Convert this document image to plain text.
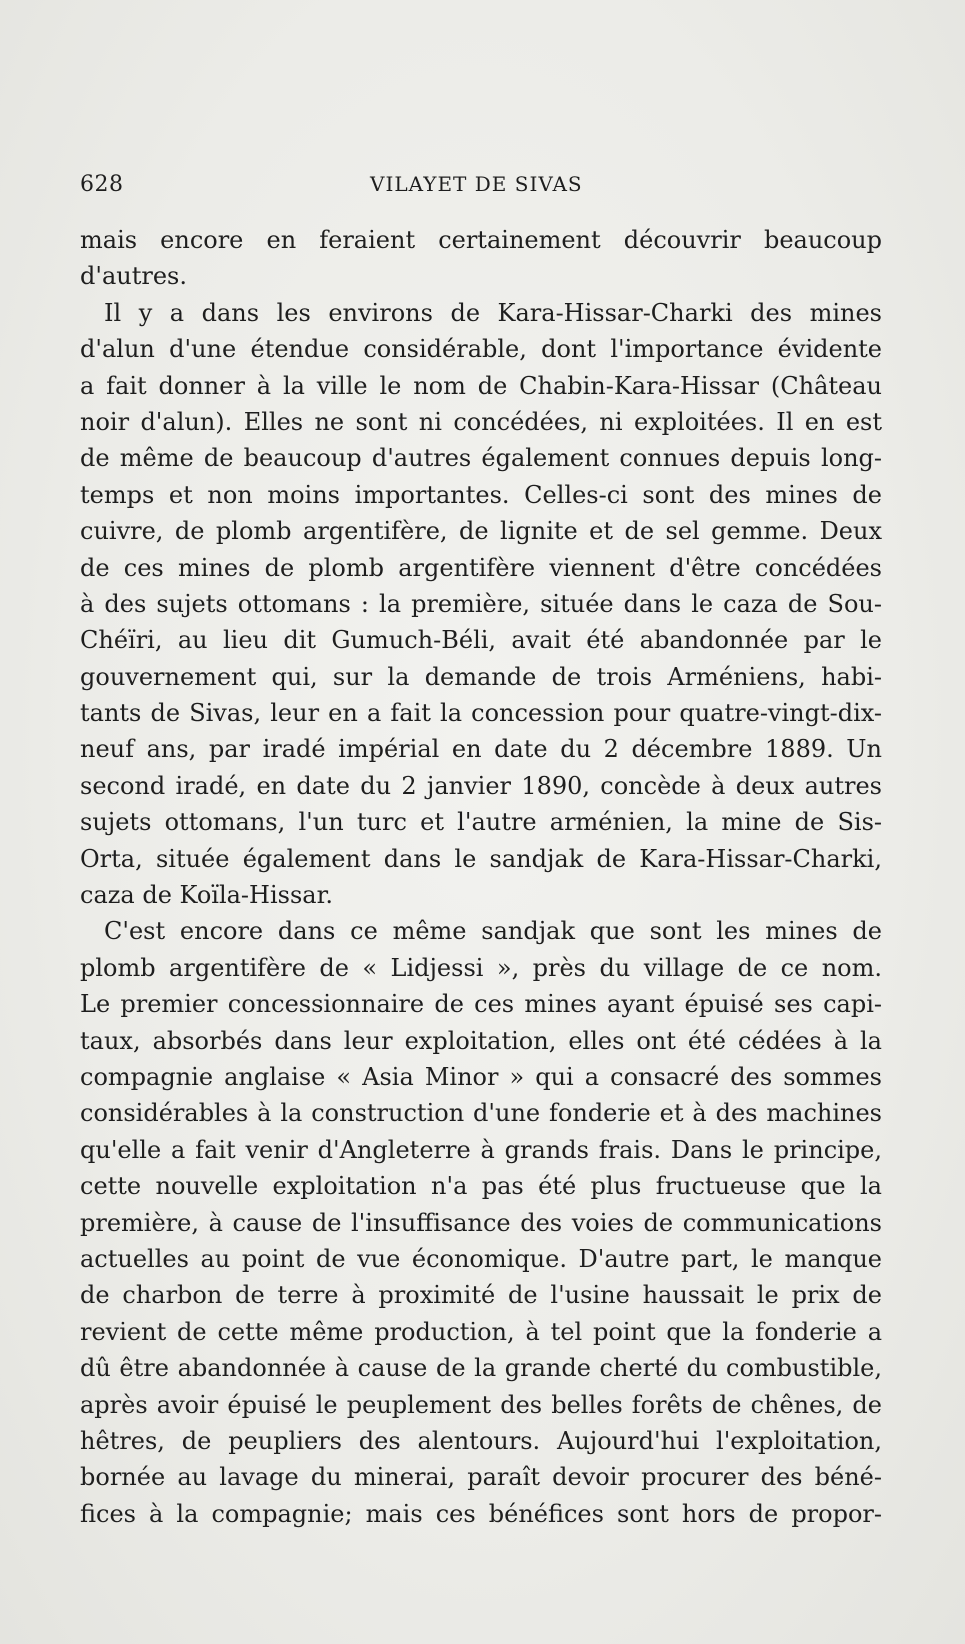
628	VILAYET DE SIVAS
mais encore en feraient certainement découvrir beaucoup
d'autres.
Il y a dans les environs de Kara-Hissar-Charki des mines
d'alun d'une étendue considérable, dont l'importance évidente
a fait donner à la ville le nom de Chabin-Kara-Hissar (Château
noir d'alun). Elles ne sont ni concédées, ni exploitées. Il en est
de même de beaucoup d'autres également connues depuis long-
temps et non moins importantes. Celles-ci sont des mines de
cuivre, de plomb argentifère, de lignite et de sel gemme. Deux
de ces mines de plomb argentifère viennent d'être concédées
à des sujets ottomans : la première, située dans le caza de Sou-
Chéïri, au lieu dit Gumuch-Béli, avait été abandonnée par le
gouvernement qui, sur la demande de trois Arméniens, habi-
tants de Sivas, leur en a fait la concession pour quatre-vingt-dix-
neuf ans, par iradé impérial en date du 2 décembre 1889. Un
second iradé, en date du 2 janvier 1890, concède à deux autres
sujets ottomans, l'un turc et l'autre arménien, la mine de Sis-
Orta, située également dans le sandjak de Kara-Hissar-Charki,
caza de Koïla-Hissar.
C'est encore dans ce même sandjak que sont les mines de
plomb argentifère de « Lidjessi », près du village de ce nom.
Le premier concessionnaire de ces mines ayant épuisé ses capi-
taux, absorbés dans leur exploitation, elles ont été cédées à la
compagnie anglaise « Asia Minor » qui a consacré des sommes
considérables à la construction d'une fonderie et à des machines
qu'elle a fait venir d'Angleterre à grands frais. Dans le principe,
cette nouvelle exploitation n'a pas été plus fructueuse que la
première, à cause de l'insuffisance des voies de communications
actuelles au point de vue économique. D'autre part, le manque
de charbon de terre à proximité de l'usine haussait le prix de
revient de cette même production, à tel point que la fonderie a
dû être abandonnée à cause de la grande cherté du combustible,
après avoir épuisé le peuplement des belles forêts de chênes, de
hêtres, de peupliers des alentours. Aujourd'hui l'exploitation,
bornée au lavage du minerai, paraît devoir procurer des béné-
fices à la compagnie; mais ces bénéfices sont hors de propor-
